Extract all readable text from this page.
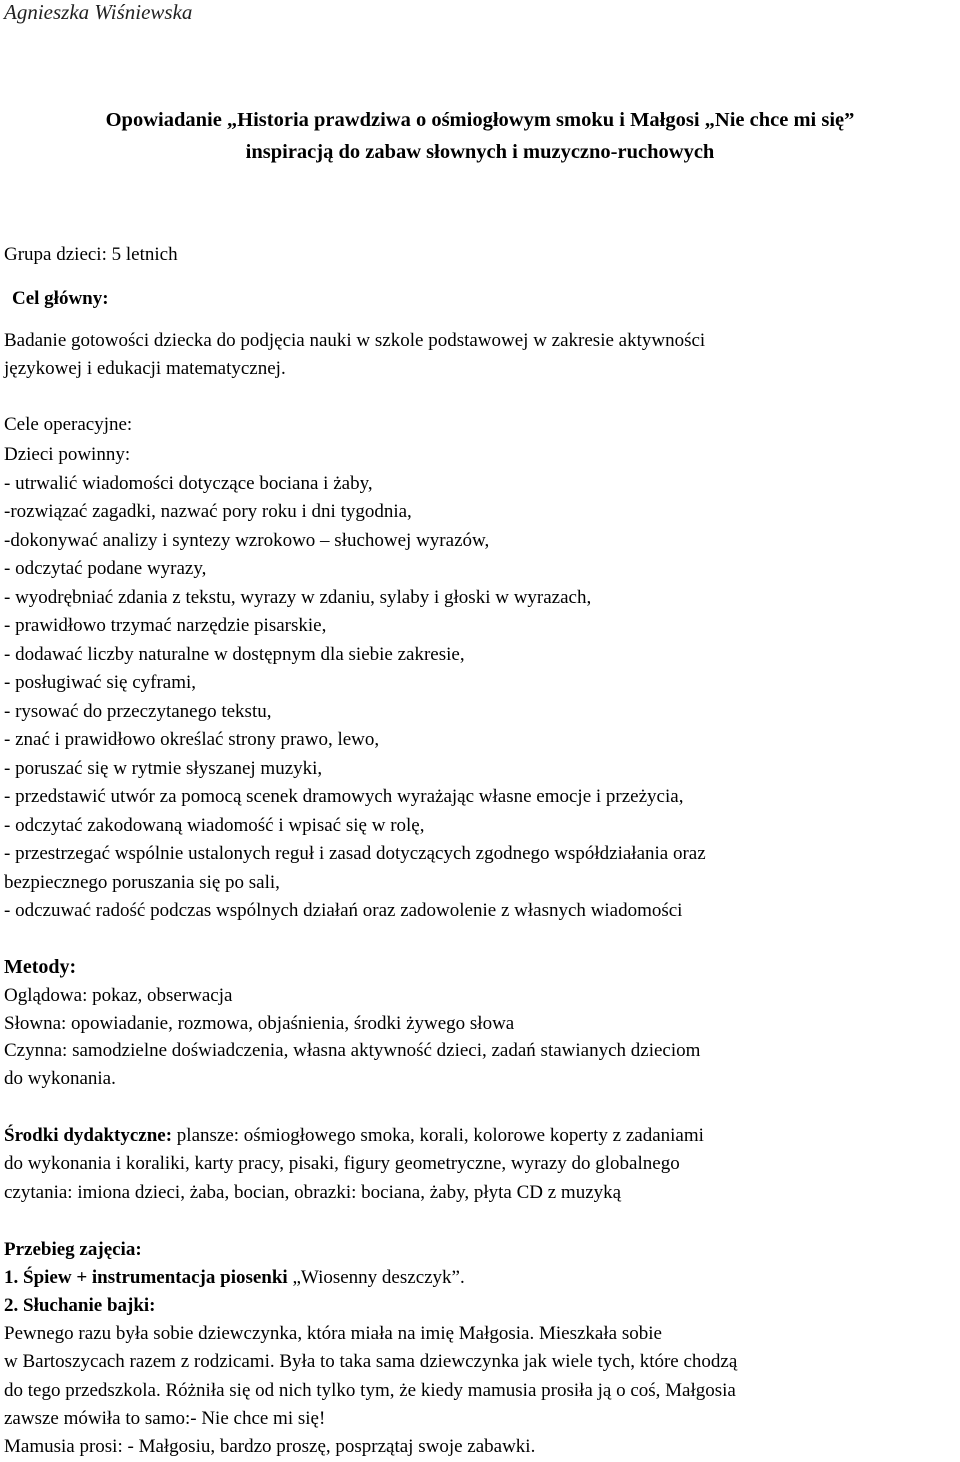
Agnieszka Wiśniewska
Opowiadanie „Historia prawdziwa o ośmiogłowym smoku i Małgosi „Nie chce mi się”
inspiracją do zabaw słownych i muzyczno-ruchowych
Grupa dzieci: 5 letnich
Cel główny:
Badanie gotowości dziecka do podjęcia nauki w szkole podstawowej w zakresie aktywności
językowej i edukacji matematycznej.
Cele operacyjne:
Dzieci powinny:
- utrwalić wiadomości dotyczące bociana i żaby,
-rozwiązać zagadki, nazwać pory roku i dni tygodnia,
-dokonywać analizy i syntezy wzrokowo – słuchowej wyrazów,
- odczytać podane wyrazy,
- wyodrębniać zdania z tekstu, wyrazy w zdaniu, sylaby i głoski w wyrazach,
- prawidłowo trzymać narzędzie pisarskie,
- dodawać liczby naturalne w dostępnym dla siebie zakresie,
- posługiwać się cyframi,
- rysować do przeczytanego tekstu,
- znać i prawidłowo określać strony prawo, lewo,
- poruszać się w rytmie słyszanej muzyki,
- przedstawić utwór za pomocą scenek dramowych wyrażając własne emocje i przeżycia,
- odczytać zakodowaną wiadomość i wpisać się w rolę,
- przestrzegać wspólnie ustalonych reguł i zasad dotyczących zgodnego współdziałania oraz
bezpiecznego poruszania się po sali,
- odczuwać radość podczas wspólnych działań oraz zadowolenie z własnych wiadomości
Metody:
Oglądowa: pokaz, obserwacja
Słowna: opowiadanie, rozmowa, objaśnienia, środki żywego słowa
Czynna: samodzielne doświadczenia, własna aktywność dzieci, zadań stawianych dzieciom
do wykonania.
Środki dydaktyczne: plansze: ośmiogłowego smoka, korali, kolorowe koperty z zadaniami
do wykonania i koraliki, karty pracy, pisaki, figury geometryczne, wyrazy do globalnego
czytania: imiona dzieci, żaba, bocian, obrazki: bociana, żaby, płyta CD z muzyką
Przebieg zajęcia:
1. Śpiew + instrumentacja piosenki „Wiosenny deszczyk”.
2. Słuchanie bajki:
Pewnego razu była sobie dziewczynka, która miała na imię Małgosia. Mieszkała sobie
w Bartoszycach razem z rodzicami. Była to taka sama dziewczynka jak wiele tych, które chodzą
do tego przedszkola. Różniła się od nich tylko tym, że kiedy mamusia prosiła ją o coś, Małgosia
zawsze mówiła to samo:- Nie chce mi się!
Mamusia prosi: - Małgosiu, bardzo proszę, posprzątaj swoje zabawki.
